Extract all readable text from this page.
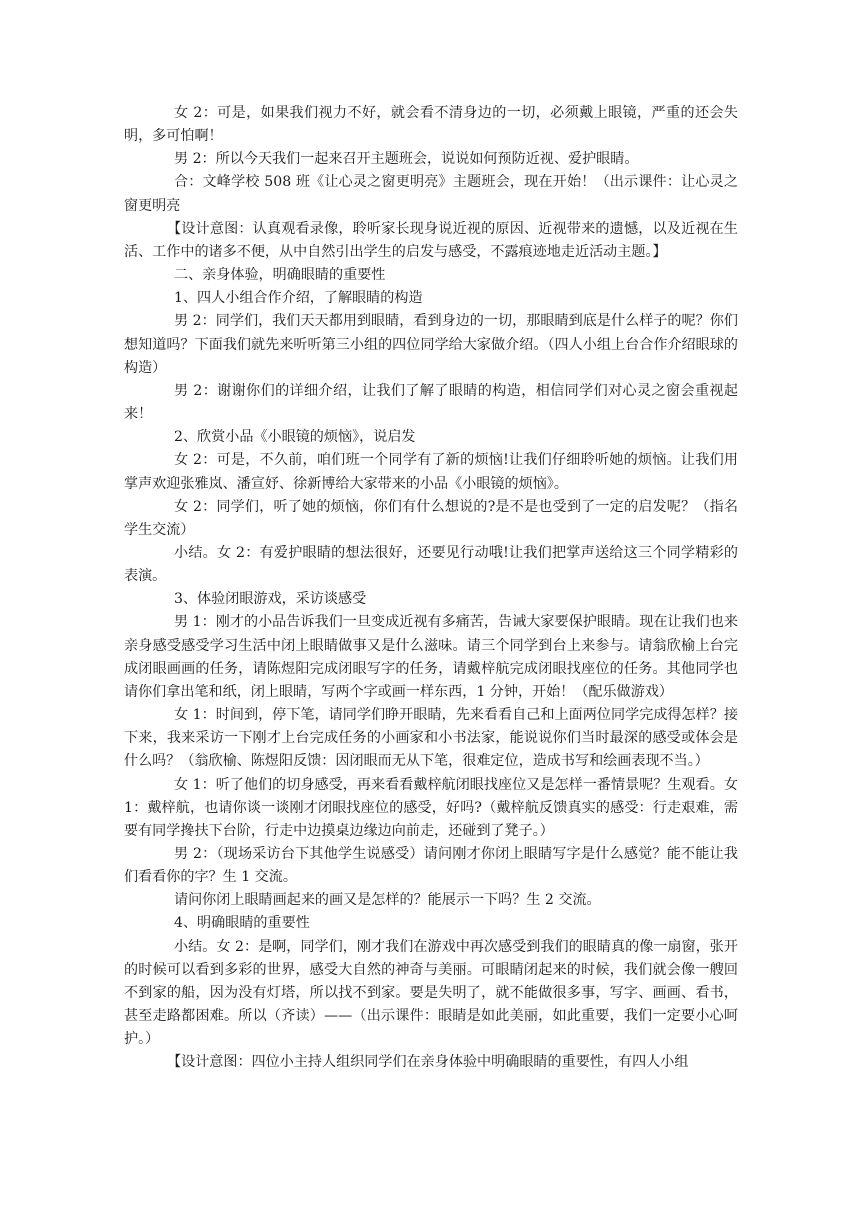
女 2：可是，如果我们视力不好，就会看不清身边的一切，必须戴上眼镜，严重的还会失明，多可怕啊！

男 2：所以今天我们一起来召开主题班会，说说如何预防近视、爱护眼睛。

合：文峰学校 508 班《让心灵之窗更明亮》主题班会，现在开始！（出示课件：让心灵之窗更明亮

【设计意图：认真观看录像，聆听家长现身说近视的原因、近视带来的遗憾，以及近视在生活、工作中的诸多不便，从中自然引出学生的启发与感受，不露痕迹地走近活动主题。】

二、亲身体验，明确眼睛的重要性

1、四人小组合作介绍，了解眼睛的构造

男 2：同学们，我们天天都用到眼睛，看到身边的一切，那眼睛到底是什么样子的呢？你们想知道吗？下面我们就先来听听第三小组的四位同学给大家做介绍。（四人小组上台合作介绍眼球的构造）

男 2：谢谢你们的详细介绍，让我们了解了眼睛的构造，相信同学们对心灵之窗会重视起来！

2、欣赏小品《小眼镜的烦恼》，说启发

女 2：可是，不久前，咱们班一个同学有了新的烦恼!让我们仔细聆听她的烦恼。让我们用掌声欢迎张雅岚、潘宣妤、徐新博给大家带来的小品《小眼镜的烦恼》。

女 2：同学们，听了她的烦恼，你们有什么想说的?是不是也受到了一定的启发呢？（指名学生交流）

小结。女 2：有爱护眼睛的想法很好，还要见行动哦!让我们把掌声送给这三个同学精彩的表演。

3、体验闭眼游戏，采访谈感受

男 1：刚才的小品告诉我们一旦变成近视有多痛苦，告诫大家要保护眼睛。现在让我们也来亲身感受感受学习生活中闭上眼睛做事又是什么滋味。请三个同学到台上来参与。请翁欣榆上台完成闭眼画画的任务，请陈煜阳完成闭眼写字的任务，请戴梓航完成闭眼找座位的任务。其他同学也请你们拿出笔和纸，闭上眼睛，写两个字或画一样东西，1 分钟，开始！（配乐做游戏）

女 1：时间到，停下笔，请同学们睁开眼睛，先来看看自己和上面两位同学完成得怎样？接下来，我来采访一下刚才上台完成任务的小画家和小书法家，能说说你们当时最深的感受或体会是什么吗？（翁欣榆、陈煜阳反馈：因闭眼而无从下笔，很难定位，造成书写和绘画表现不当。）

女 1：听了他们的切身感受，再来看看戴梓航闭眼找座位又是怎样一番情景呢？生观看。女 1：戴梓航，也请你谈一谈刚才闭眼找座位的感受，好吗?（戴梓航反馈真实的感受：行走艰难，需要有同学搀扶下台阶，行走中边摸桌边缘边向前走，还碰到了凳子。）

男 2：（现场采访台下其他学生说感受）请问刚才你闭上眼睛写字是什么感觉？能不能让我们看看你的字？生 1 交流。

请问你闭上眼睛画起来的画又是怎样的？能展示一下吗？生 2 交流。

4、明确眼睛的重要性

小结。女 2：是啊，同学们，刚才我们在游戏中再次感受到我们的眼睛真的像一扇窗，张开的时候可以看到多彩的世界，感受大自然的神奇与美丽。可眼睛闭起来的时候，我们就会像一艘回不到家的船，因为没有灯塔，所以找不到家。要是失明了，就不能做很多事，写字、画画、看书，甚至走路都困难。所以（齐读）——（出示课件：眼睛是如此美丽，如此重要，我们一定要小心呵护。）

【设计意图：四位小主持人组织同学们在亲身体验中明确眼睛的重要性，有四人小组
